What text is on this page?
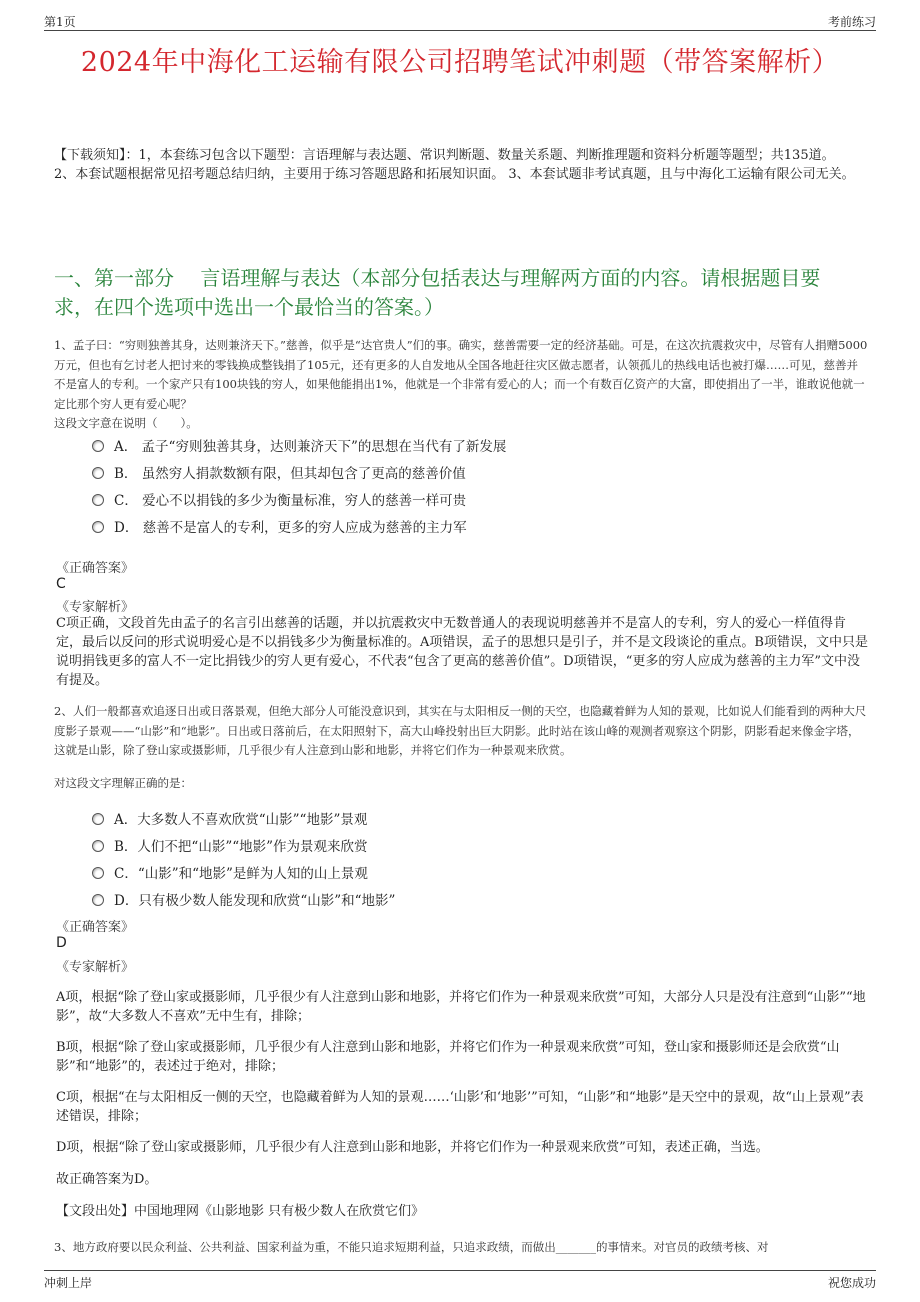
第1页	考前练习
2024年中海化工运输有限公司招聘笔试冲刺题（带答案解析）
【下载须知】：1，本套练习包含以下题型：言语理解与表达题、常识判断题、数量关系题、判断推理题和资料分析题等题型；共135道。 2、本套试题根据常见招考题总结归纳，主要用于练习答题思路和拓展知识面。 3、本套试题非考试真题，且与中海化工运输有限公司无关。
一、第一部分　 言语理解与表达（本部分包括表达与理解两方面的内容。请根据题目要求，在四个选项中选出一个最恰当的答案。）
1、孟子曰：“穷则独善其身，达则兼济天下。”慈善，似乎是“达官贵人”们的事。确实，慈善需要一定的经济基础。可是，在这次抗震救灾中，尽管有人捐赠5000万元，但也有乞讨老人把讨来的零钱换成整钱捐了105元，还有更多的人自发地从全国各地赶往灾区做志愿者，认领孤儿的热线电话也被打爆……可见，慈善并不是富人的专利。一个家产只有100块钱的穷人，如果他能捐出1%，他就是一个非常有爱心的人；而一个有数百亿资产的大富，即使捐出了一半，谁敢说他就一定比那个穷人更有爱心呢？
这段文字意在说明（　　）。
A． 孟子“穷则独善其身，达则兼济天下”的思想在当代有了新发展
B． 虽然穷人捐款数额有限，但其却包含了更高的慈善价值
C． 爱心不以捐钱的多少为衡量标准，穷人的慈善一样可贵
D． 慈善不是富人的专利，更多的穷人应成为慈善的主力军
《正确答案》
C
《专家解析》
C项正确，文段首先由孟子的名言引出慈善的话题，并以抗震救灾中无数普通人的表现说明慈善并不是富人的专利，穷人的爱心一样值得肯定，最后以反问的形式说明爱心是不以捐钱多少为衡量标准的。A项错误，孟子的思想只是引子，并不是文段谈论的重点。B项错误，文中只是说明捐钱更多的富人不一定比捐钱少的穷人更有爱心，不代表“包含了更高的慈善价值”。D项错误，“更多的穷人应成为慈善的主力军”文中没有提及。
2、人们一般都喜欢追逐日出或日落景观，但绝大部分人可能没意识到，其实在与太阳相反一侧的天空，也隐藏着鲜为人知的景观，比如说人们能看到的两种大尺度影子景观——“山影”和“地影”。日出或日落前后，在太阳照射下，高大山峰投射出巨大阴影。此时站在该山峰的观测者观察这个阴影，阴影看起来像金字塔，这就是山影，除了登山家或摄影师，几乎很少有人注意到山影和地影，并将它们作为一种景观来欣赏。
对这段文字理解正确的是：
A．大多数人不喜欢欣赏“山影”“地影”景观
B．人们不把“山影”“地影”作为景观来欣赏
C．“山影”和“地影”是鲜为人知的山上景观
D．只有极少数人能发现和欣赏“山影”和“地影”
《正确答案》
D
《专家解析》
A项，根据“除了登山家或摄影师，几乎很少有人注意到山影和地影，并将它们作为一种景观来欣赏”可知，大部分人只是没有注意到“山影”“地影”，故“大多数人不喜欢”无中生有，排除；
B项，根据“除了登山家或摄影师，几乎很少有人注意到山影和地影，并将它们作为一种景观来欣赏”可知，登山家和摄影师还是会欣赏“山影”和“地影”的，表述过于绝对，排除；
C项，根据“在与太阳相反一侧的天空，也隐藏着鲜为人知的景观……‘山影’和‘地影’”可知，“山影”和“地影”是天空中的景观，故“山上景观”表述错误，排除；
D项，根据“除了登山家或摄影师，几乎很少有人注意到山影和地影，并将它们作为一种景观来欣赏”可知，表述正确，当选。
故正确答案为D。
【文段出处】中国地理网《山影地影 只有极少数人在欣赏它们》
3、地方政府要以民众利益、公共利益、国家利益为重，不能只追求短期利益，只追求政绩，而做出_______的事情来。对官员的政绩考核、对
冲刺上岸	祝您成功
